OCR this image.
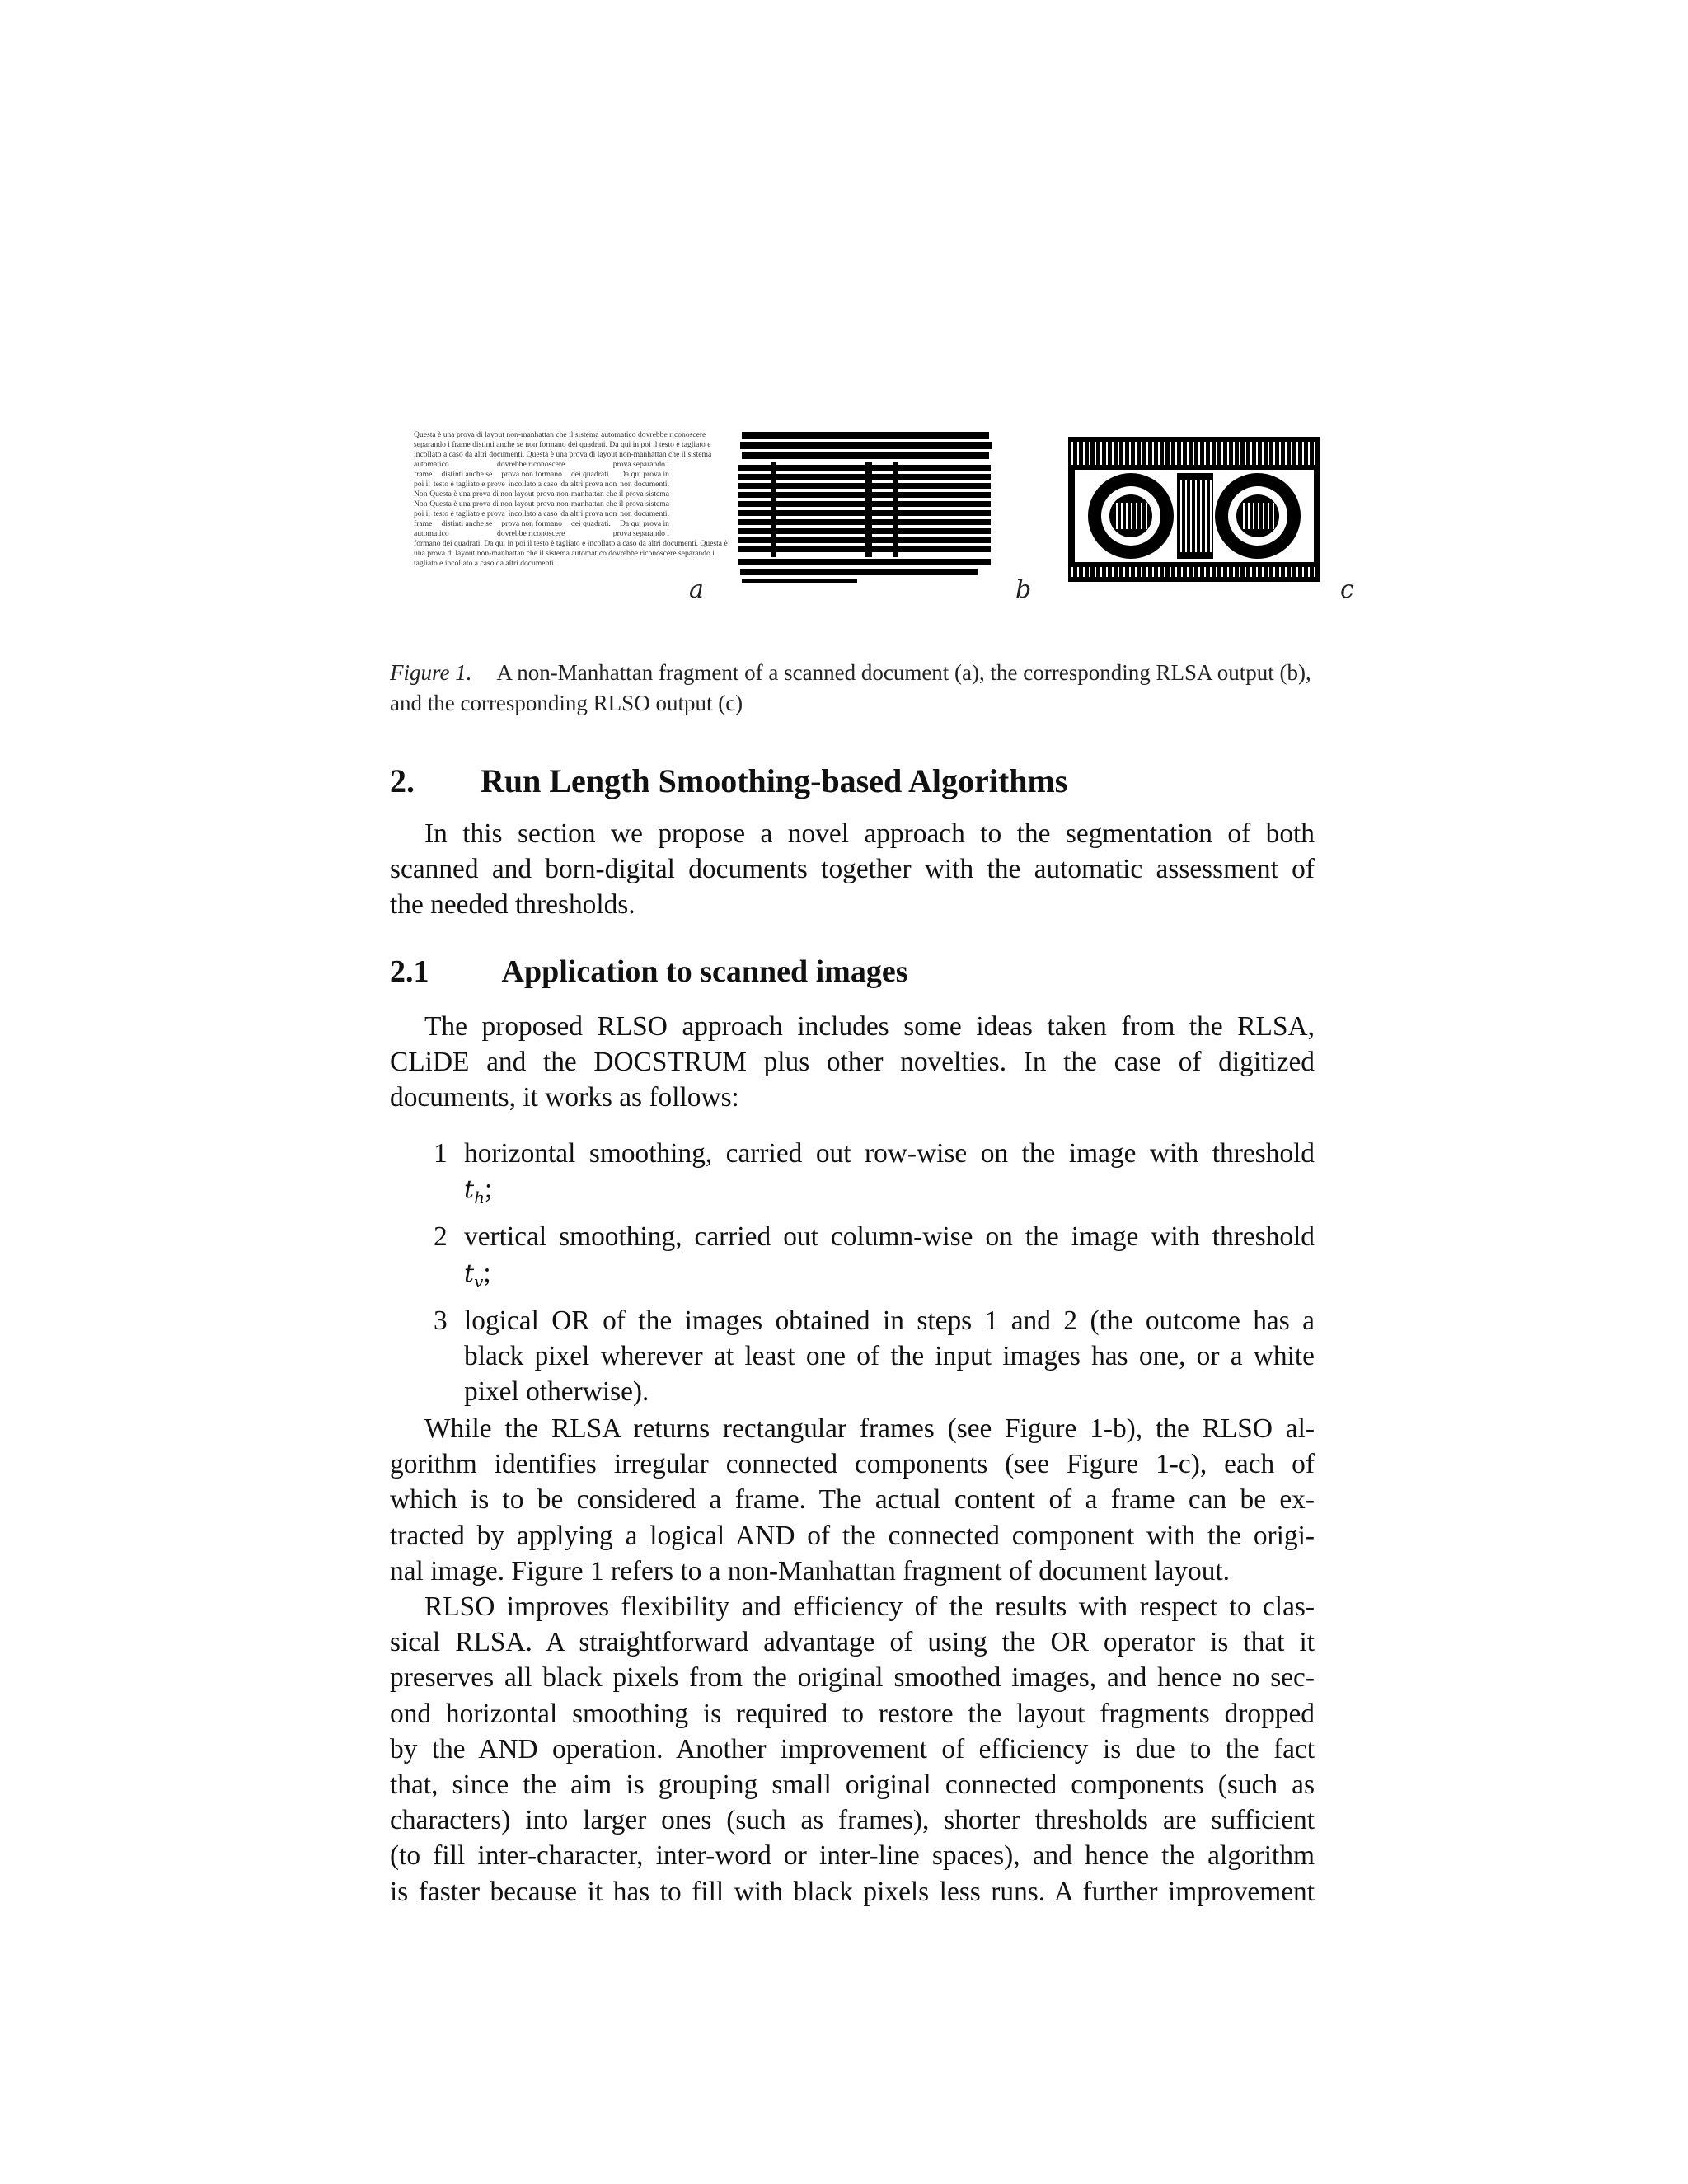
Questa è una prova di layout non-manhattan che il sistema automatico dovrebbe riconoscere
separando i frame distinti anche se non formano dei quadrati. Da qui in poi il testo è tagliato e
incollato a caso da altri documenti. Questa è una prova di layout non-manhattan che il sistema
automatico	dovrebbe riconoscere	prova separando i
frame distinti anche se prova non formano dei quadrati. Da qui prova in
poi il testo è tagliato e prove incollato a caso da altri prova non non documenti.
Non Questa è una prova di non layout prova non-manhattan che il prova sistema
Non Questa è una prova di non layout prova non-manhattan che il prova sistema
poi il testo è tagliato e prova incollato a caso da altri prova non non documenti.
frame distinti anche se prova non formano dei quadrati. Da qui prova in
automatico	dovrebbe riconoscere	prova separando i
formano dei quadrati. Da qui in poi il testo è tagliato e incollato a caso da altri documenti. Questa è
una prova di layout non-manhattan che il sistema automatico dovrebbe riconoscere separando i
tagliato e incollato a caso da altri documenti.
a	b	c
Figure 1. A non-Manhattan fragment of a scanned document (a), the corresponding RLSA output (b), and the corresponding RLSO output (c)
2. Run Length Smoothing-based Algorithms
In this section we propose a novel approach to the segmentation of both
scanned and born-digital documents together with the automatic assessment of
the needed thresholds.
2.1 Application to scanned images
The proposed RLSO approach includes some ideas taken from the RLSA,
CLiDE and the DOCSTRUM plus other novelties. In the case of digitized
documents, it works as follows:
1 horizontal smoothing, carried out row-wise on the image with threshold
$t_h$;
2 vertical smoothing, carried out column-wise on the image with threshold
$t_v$;
3 logical OR of the images obtained in steps 1 and 2 (the outcome has a
black pixel wherever at least one of the input images has one, or a white
pixel otherwise).
While the RLSA returns rectangular frames (see Figure 1-b), the RLSO al-
gorithm identifies irregular connected components (see Figure 1-c), each of
which is to be considered a frame. The actual content of a frame can be ex-
tracted by applying a logical AND of the connected component with the origi-
nal image. Figure 1 refers to a non-Manhattan fragment of document layout.
RLSO improves flexibility and efficiency of the results with respect to clas-
sical RLSA. A straightforward advantage of using the OR operator is that it
preserves all black pixels from the original smoothed images, and hence no sec-
ond horizontal smoothing is required to restore the layout fragments dropped
by the AND operation. Another improvement of efficiency is due to the fact
that, since the aim is grouping small original connected components (such as
characters) into larger ones (such as frames), shorter thresholds are sufficient
(to fill inter-character, inter-word or inter-line spaces), and hence the algorithm
is faster because it has to fill with black pixels less runs. A further improvement
